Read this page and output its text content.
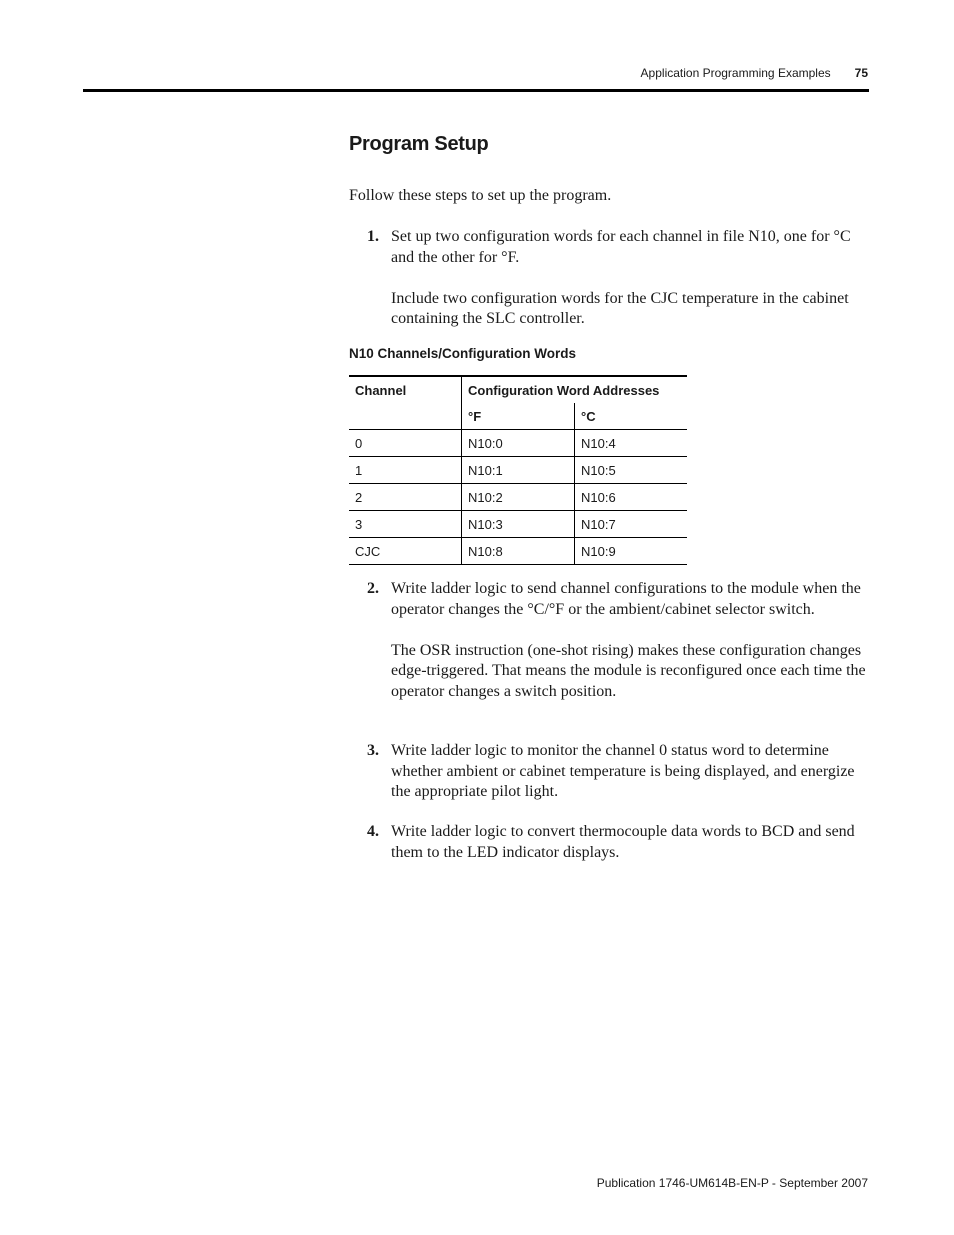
Application Programming Examples 75
Program Setup
Follow these steps to set up the program.
1. Set up two configuration words for each channel in file N10, one for °C and the other for °F.

Include two configuration words for the CJC temperature in the cabinet containing the SLC controller.

N10 Channels/Configuration Words
Channel	Configuration Word Addresses	
	°F	°C
0	N10:0	N10:4
1	N10:1	N10:5
2	N10:2	N10:6
3	N10:3	N10:7
CJC	N10:8	N10:9
2. Write ladder logic to send channel configurations to the module when the operator changes the °C/°F or the ambient/cabinet selector switch.

The OSR instruction (one-shot rising) makes these configuration changes edge-triggered. That means the module is reconfigured once each time the operator changes a switch position.

3. Write ladder logic to monitor the channel 0 status word to determine whether ambient or cabinet temperature is being displayed, and energize the appropriate pilot light.

4. Write ladder logic to convert thermocouple data words to BCD and send them to the LED indicator displays.

Publication 1746-UM614B-EN-P - September 2007
